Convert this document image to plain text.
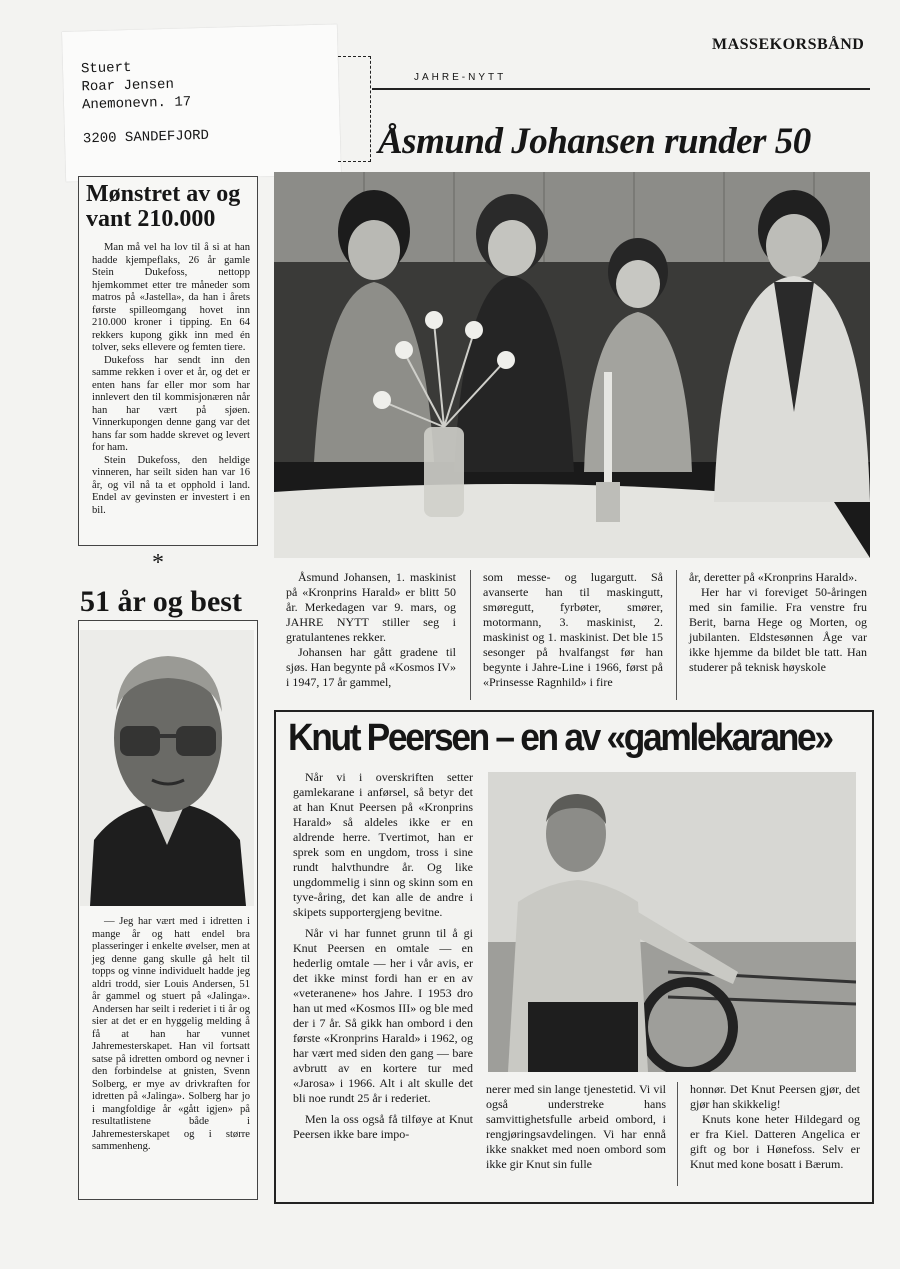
Stuert
Roar Jensen
Anemonevn. 17
3200 SANDEFJORD
MASSEKORSBÅND
JAHRE-NYTT
Åsmund Johansen runder 50
Mønstret av og vant 210.000

Man må vel ha lov til å si at han hadde kjempeflaks, 26 år gamle Stein Dukefoss, nettopp hjemkommet etter tre måneder som matros på «Jastella», da han i årets første spilleomgang hovet inn 210.000 kroner i tipping. En 64 rekkers kupong gikk inn med én tolver, seks ellevere og femten tiere.

Dukefoss har sendt inn den samme rekken i over et år, og det er enten hans far eller mor som har innlevert den til kommisjonæren når han har vært på sjøen. Vinnerkupongen denne gang var det hans far som hadde skrevet og levert for ham.

Stein Dukefoss, den heldige vinneren, har seilt siden han var 16 år, og vil nå ta et opphold i land. Endel av gevinsten er investert i en bil.

*
51 år og best

— Jeg har vært med i idretten i mange år og hatt endel bra plasseringer i enkelte øvelser, men at jeg denne gang skulle gå helt til topps og vinne individuelt hadde jeg aldri trodd, sier Louis Andersen, 51 år gammel og stuert på «Jalinga». Andersen har seilt i rederiet i ti år og sier at det er en hyggelig melding å få at han har vunnet Jahremesterskapet. Han vil fortsatt satse på idretten ombord og nevner i den forbindelse at gnisten, Svenn Solberg, er mye av drivkraften for idretten på «Jalinga». Solberg har jo i mangfoldige år «gått igjen» på resultatlistene både i Jahremesterskapet og i større sammenheng.

Åsmund Johansen, 1. maskinist på «Kronprins Harald» er blitt 50 år. Merkedagen var 9. mars, og JAHRE NYTT stiller seg i gratulantenes rekker.

Johansen har gått gradene til sjøs. Han begynte på «Kosmos IV» i 1947, 17 år gammel,

som messe- og lugargutt. Så avanserte han til maskingutt, smøregutt, fyrbøter, smører, motormann, 3. maskinist, 2. maskinist og 1. maskinist. Det ble 15 sesonger på hvalfangst før han begynte i Jahre-Line i 1966, først på «Prinsesse Ragnhild» i fire

år, deretter på «Kronprins Harald».

Her har vi foreviget 50-åringen med sin familie. Fra venstre fru Berit, barna Hege og Morten, og jubilanten. Eldstesønnen Åge var ikke hjemme da bildet ble tatt. Han studerer på teknisk høyskole

Knut Peersen – en av «gamlekarane»

Når vi i overskriften setter gamlekarane i anførsel, så betyr det at han Knut Peersen på «Kronprins Harald» så aldeles ikke er en aldrende herre. Tvertimot, han er sprek som en ungdom, tross i sine rundt halvthundre år. Og like ungdommelig i sinn og skinn som en tyve-åring, det kan alle de andre i skipets supportergjeng bevitne.

Når vi har funnet grunn til å gi Knut Peersen en omtale — en hederlig omtale — her i vår avis, er det ikke minst fordi han er en av «veteranene» hos Jahre. I 1953 dro han ut med «Kosmos III» og ble med der i 7 år. Så gikk han ombord i den første «Kronprins Harald» i 1962, og har vært med siden den gang — bare avbrutt av en kortere tur med «Jarosa» i 1966. Alt i alt skulle det bli noe rundt 25 år i rederiet.

Men la oss også få tilføye at Knut Peersen ikke bare impo-

nerer med sin lange tjenestetid. Vi vil også understreke hans samvittighetsfulle arbeid ombord, i rengjøringsavdelingen. Vi har ennå ikke snakket med noen ombord som ikke gir Knut sin fulle

honnør. Det Knut Peersen gjør, det gjør han skikkelig!

Knuts kone heter Hildegard og er fra Kiel. Datteren Angelica er gift og bor i Hønefoss. Selv er Knut med kone bosatt i Bærum.
